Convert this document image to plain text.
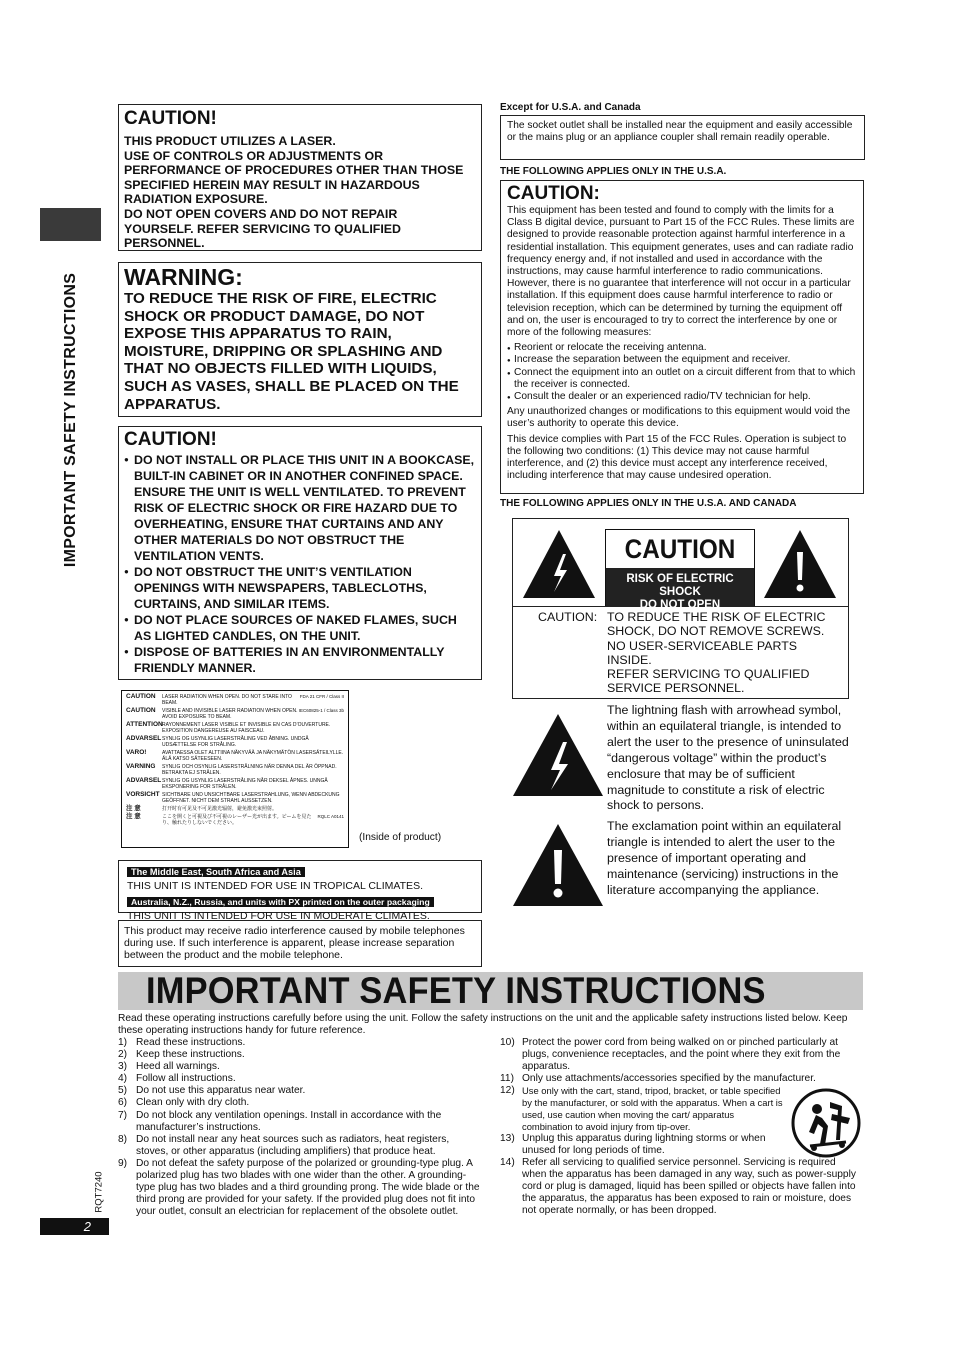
IMPORTANT SAFETY INSTRUCTIONS
CAUTION!
THIS PRODUCT UTILIZES A LASER.
USE OF CONTROLS OR ADJUSTMENTS OR
PERFORMANCE OF PROCEDURES OTHER THAN THOSE
SPECIFIED HEREIN MAY RESULT IN HAZARDOUS
RADIATION EXPOSURE.
DO NOT OPEN COVERS AND DO NOT REPAIR
YOURSELF. REFER SERVICING TO QUALIFIED
PERSONNEL.
WARNING:
TO REDUCE THE RISK OF FIRE, ELECTRIC
SHOCK OR PRODUCT DAMAGE, DO NOT
EXPOSE THIS APPARATUS TO RAIN,
MOISTURE, DRIPPING OR SPLASHING AND
THAT NO OBJECTS FILLED WITH LIQUIDS,
SUCH AS VASES, SHALL BE PLACED ON THE
APPARATUS.
CAUTION!
● DO NOT INSTALL OR PLACE THIS UNIT IN A BOOKCASE, BUILT-IN CABINET OR IN ANOTHER CONFINED SPACE. ENSURE THE UNIT IS WELL VENTILATED. TO PREVENT RISK OF ELECTRIC SHOCK OR FIRE HAZARD DUE TO OVERHEATING, ENSURE THAT CURTAINS AND ANY OTHER MATERIALS DO NOT OBSTRUCT THE VENTILATION VENTS.
● DO NOT OBSTRUCT THE UNIT’S VENTILATION OPENINGS WITH NEWSPAPERS, TABLECLOTHS, CURTAINS, AND SIMILAR ITEMS.
● DO NOT PLACE SOURCES OF NAKED FLAMES, SUCH AS LIGHTED CANDLES, ON THE UNIT.
● DISPOSE OF BATTERIES IN AN ENVIRONMENTALLY FRIENDLY MANNER.
CAUTION	LASER RADIATION WHEN OPEN. DO NOT STARE INTO BEAM.
FDA 21 CFR / Class II
CAUTION	VISIBLE AND INVISIBLE LASER RADIATION WHEN OPEN. AVOID EXPOSURE TO BEAM.
IEC60825-1 / Class 3b
ATTENTION RAYONNEMENT LASER VISIBLE ET INVISIBLE EN CAS D’OUVERTURE. EXPOSITION DANGEREUSE AU FAISCEAU.
ADVARSEL SYNLIG OG USYNLIG LASERSTRÅLING VED ÅBNING. UNDGÅ UDSÆTTELSE FOR STRÅLING.
VARO!	AVATTAESSA OLET ALTTIINA NÄKYVÄÄ JA NÄKYMÄTÖN LASERSÄTEILYLLE. ÄLÄ KATSO SÄTEESEEN.
VARNING	SYNLIG OCH OSYNLIG LASERSTRÅLNING NÄR DENNA DEL ÄR ÖPPNAD. BETRAKTA EJ STRÅLEN.
ADVARSEL SYNLIG OG USYNLIG LASERSTRÅLING NÅR DEKSEL ÅPNES. UNNGÅ EKSPONERING FOR STRÅLEN.
VORSICHT SICHTBARE UND UNSICHTBARE LASERSTRAHLUNG, WENN ABDECKUNG GEÖFFNET. NICHT DEM STRAHL AUSSETZEN.
注 意	打开时有可见及不可见激光辐射，避免激光束照射。
注 意	ここを開くと可視及び不可視のレーザー光が出ます。ビームを見たり、触れたりしないでください。
RQLC A0141
(Inside of product)
The Middle East, South Africa and Asia
THIS UNIT IS INTENDED FOR USE IN TROPICAL CLIMATES.
Australia, N.Z., Russia, and units with PX printed on the outer packaging
THIS UNIT IS INTENDED FOR USE IN MODERATE CLIMATES.
This product may receive radio interference caused by mobile telephones during use. If such interference is apparent, please increase separation between the product and the mobile telephone.
Except for U.S.A. and Canada
The socket outlet shall be installed near the equipment and easily accessible or the mains plug or an appliance coupler shall remain readily operable.
THE FOLLOWING APPLIES ONLY IN THE U.S.A.
CAUTION:

This equipment has been tested and found to comply with the limits for a Class B digital device, pursuant to Part 15 of the FCC Rules. These limits are designed to provide reasonable protection against harmful interference in a residential installation. This equipment generates, uses and can radiate radio frequency energy and, if not installed and used in accordance with the instructions, may cause harmful interference to radio communications. However, there is no guarantee that interference will not occur in a particular installation. If this equipment does cause harmful interference to radio or television reception, which can be determined by turning the equipment off and on, the user is encouraged to try to correct the interference by one or more of the following measures:

● Reorient or relocate the receiving antenna.
● Increase the separation between the equipment and receiver.
● Connect the equipment into an outlet on a circuit different from that to which the receiver is connected.
● Consult the dealer or an experienced radio/TV technician for help.

Any unauthorized changes or modifications to this equipment would void the user’s authority to operate this device.

This device complies with Part 15 of the FCC Rules. Operation is subject to the following two conditions: (1) This device may not cause harmful interference, and (2) this device must accept any interference received, including interference that may cause undesired operation.

THE FOLLOWING APPLIES ONLY IN THE U.S.A. AND CANADA
CAUTION
RISK OF ELECTRIC SHOCK
DO NOT OPEN
CAUTION: TO REDUCE THE RISK OF ELECTRIC
SHOCK, DO NOT REMOVE SCREWS.
NO USER-SERVICEABLE PARTS
INSIDE.
REFER SERVICING TO QUALIFIED
SERVICE PERSONNEL.
The lightning flash with arrowhead symbol, within an equilateral triangle, is intended to alert the user to the presence of uninsulated “dangerous voltage” within the product’s enclosure that may be of sufficient magnitude to constitute a risk of electric shock to persons.
The exclamation point within an equilateral triangle is intended to alert the user to the presence of important operating and maintenance (servicing) instructions in the literature accompanying the appliance.
IMPORTANT SAFETY INSTRUCTIONS
Read these operating instructions carefully before using the unit. Follow the safety instructions on the unit and the applicable safety instructions listed below. Keep these operating instructions handy for future reference.
1) Read these instructions.
2) Keep these instructions.
3) Heed all warnings.
4) Follow all instructions.
5) Do not use this apparatus near water.
6) Clean only with dry cloth.
7) Do not block any ventilation openings. Install in accordance with the manufacturer’s instructions.
8) Do not install near any heat sources such as radiators, heat registers, stoves, or other apparatus (including amplifiers) that produce heat.
9) Do not defeat the safety purpose of the polarized or grounding-type plug. A polarized plug has two blades with one wider than the other. A grounding-type plug has two blades and a third grounding prong. The wide blade or the third prong are provided for your safety. If the provided plug does not fit into your outlet, consult an electrician for replacement of the obsolete outlet.
10) Protect the power cord from being walked on or pinched particularly at plugs, convenience receptacles, and the point where they exit from the apparatus.
11) Only use attachments/accessories specified by the manufacturer.
12) Use only with the cart, stand, tripod, bracket, or table specified by the manufacturer, or sold with the apparatus. When a cart is used, use caution when moving the cart/ apparatus combination to avoid injury from tip-over.
13) Unplug this apparatus during lightning storms or when unused for long periods of time.
14) Refer all servicing to qualified service personnel. Servicing is required when the apparatus has been damaged in any way, such as power-supply cord or plug is damaged, liquid has been spilled or objects have fallen into the apparatus, the apparatus has been exposed to rain or moisture, does not operate normally, or has been dropped.
RQT7240
2
